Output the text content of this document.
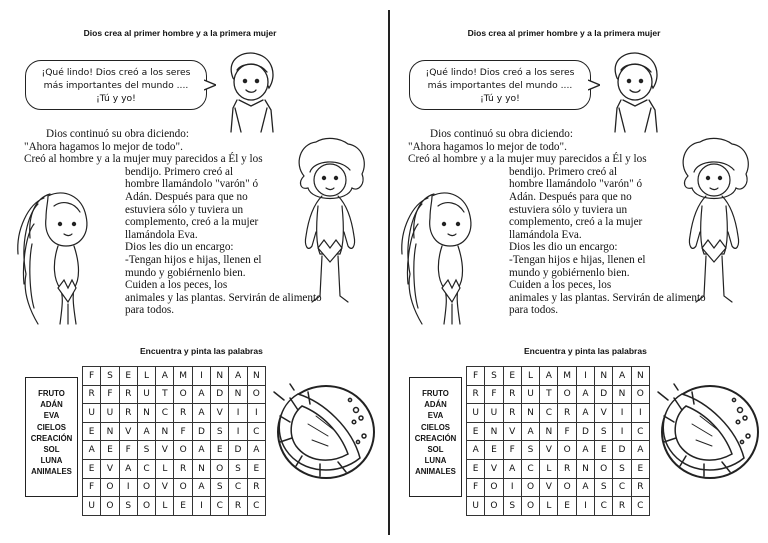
Dios crea al primer hombre y a la primera mujer
¡Qué lindo! Dios creó a los seres
más importantes del mundo ....
¡Tú y yo!
Dios continuó su obra diciendo:
"Ahora hagamos lo mejor de todo".
Creó al hombre y a la mujer muy parecidos a Él y los
bendijo. Primero creó al
hombre llamándolo "varón" ó
Adán. Después para que no
estuviera sólo y tuviera un
complemento, creó a la mujer
llamándola Eva.
Dios les dio un encargo:
-Tengan hijos e hijas, llenen el
mundo y gobiérnenlo bien.
Cuiden a los peces, los
animales y las plantas. Servirán de alimento
para todos.
Encuentra y pinta las palabras
FRUTO
ADÁN
EVA
CIELOS
CREACIÓN
SOL
LUNA
ANIMALES
F	S	E	L	A	M	I	N	A	N
R	F	R	U	T	O	A	D	N	O
U	U	R	N	C	R	A	V	I	I
E	N	V	A	N	F	D	S	I	C
A	E	F	S	V	O	A	E	D	A
E	V	A	C	L	R	N	O	S	E
F	O	I	O	V	O	A	S	C	R
U	O	S	O	L	E	I	C	R	C
Dios crea al primer hombre y a la primera mujer
¡Qué lindo! Dios creó a los seres
más importantes del mundo ....
¡Tú y yo!
Dios continuó su obra diciendo:
"Ahora hagamos lo mejor de todo".
Creó al hombre y a la mujer muy parecidos a Él y los
bendijo. Primero creó al
hombre llamándolo "varón" ó
Adán. Después para que no
estuviera sólo y tuviera un
complemento, creó a la mujer
llamándola Eva.
Dios les dio un encargo:
-Tengan hijos e hijas, llenen el
mundo y gobiérnenlo bien.
Cuiden a los peces, los
animales y las plantas. Servirán de alimento
para todos.
Encuentra y pinta las palabras
FRUTO
ADÁN
EVA
CIELOS
CREACIÓN
SOL
LUNA
ANIMALES
F	S	E	L	A	M	I	N	A	N
R	F	R	U	T	O	A	D	N	O
U	U	R	N	C	R	A	V	I	I
E	N	V	A	N	F	D	S	I	C
A	E	F	S	V	O	A	E	D	A
E	V	A	C	L	R	N	O	S	E
F	O	I	O	V	O	A	S	C	R
U	O	S	O	L	E	I	C	R	C
